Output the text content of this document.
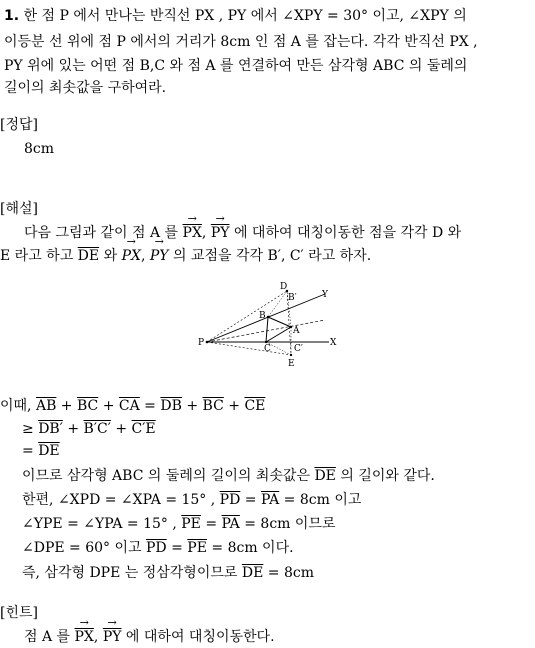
1. 한 점 P 에서 만나는 반직선 PX , PY 에서 ∠XPY = 30° 이고, ∠XPY 의
이등분 선 위에 점 P 에서의 거리가 8cm 인 점 A 를 잡는다. 각각 반직선 PX ,
PY 위에 있는 어떤 점 B,C 와 점 A 를 연결하여 만든 삼각형 ABC 의 둘레의
길이의 최솟값을 구하여라.
[정답]
8cm
[해설]
다음 그림과 같이 점 A 를 → $\overline{PX}$, → $\overline{PY}$ 에 대하여 대칭이동한 점을 각각 D 와
E 라고 하고 $\overline{DE}$ 와 → PX, → PY 의 교점을 각각 B′, C′ 라고 하자.
D
B′	Y
B
A
P
C	C′
X
E
이때, $\overline{AB} + \overline{BC} + \overline{CA} = \overline{DB} + \overline{BC} + \overline{CE}$
≥ DB′ + B′C′ + C′E
= $\overline{DE}$
이므로 삼각형 ABC 의 둘레의 길이의 최솟값은 $\overline{DE}$ 의 길이와 같다.
한편, ∠XPD = ∠XPA = 15° , $\overline{PD} = \overline{PA} = 8cm$ 이고
∠YPE = ∠YPA = 15° , $\overline{PE} = \overline{PA} = 8cm$ 이므로
∠DPE = 60° 이고 $\overline{PD} = \overline{PE} = 8cm$ 이다.
즉, 삼각형 DPE 는 정삼각형이므로 $\overline{DE} = 8cm$
[힌트]
점 A 를 → $\overline{PX}$, → $\overline{PY}$ 에 대하여 대칭이동한다.
